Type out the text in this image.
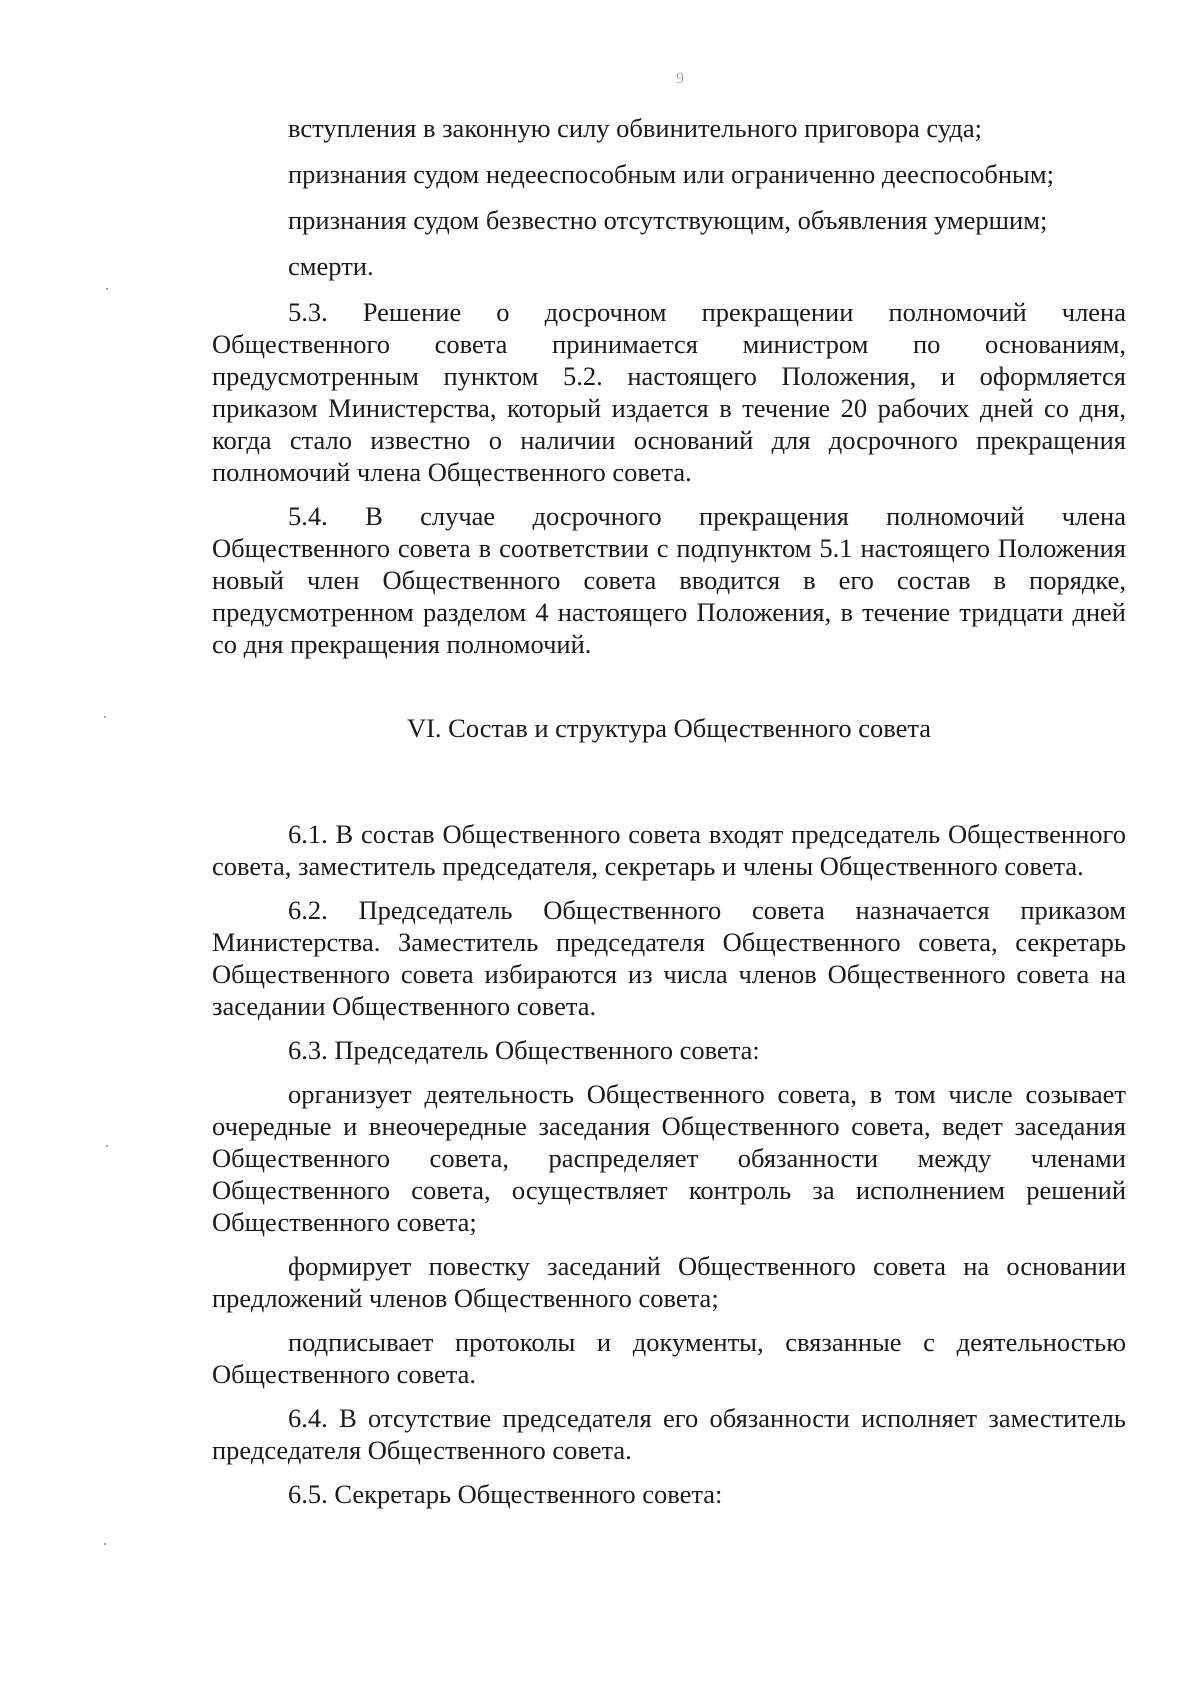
9

вступления в законную силу обвинительного приговора суда;

признания судом недееспособным или ограниченно дееспособным;

признания судом безвестно отсутствующим, объявления умершим;

смерти.

5.3. Решение о досрочном прекращении полномочий члена Общественного совета принимается министром по основаниям, предусмотренным пунктом 5.2. настоящего Положения, и оформляется приказом Министерства, который издается в течение 20 рабочих дней со дня, когда стало известно о наличии оснований для досрочного прекращения полномочий члена Общественного совета.

5.4. В случае досрочного прекращения полномочий члена Общественного совета в соответствии с подпунктом 5.1 настоящего Положения новый член Общественного совета вводится в его состав в порядке, предусмотренном разделом 4 настоящего Положения, в течение тридцати дней со дня прекращения полномочий.

VI. Состав и структура Общественного совета

6.1. В состав Общественного совета входят председатель Общественного совета, заместитель председателя, секретарь и члены Общественного совета.

6.2. Председатель Общественного совета назначается приказом Министерства. Заместитель председателя Общественного совета, секретарь Общественного совета избираются из числа членов Общественного совета на заседании Общественного совета.

6.3. Председатель Общественного совета:

организует деятельность Общественного совета, в том числе созывает очередные и внеочередные заседания Общественного совета, ведет заседания Общественного совета, распределяет обязанности между членами Общественного совета, осуществляет контроль за исполнением решений Общественного совета;

формирует повестку заседаний Общественного совета на основании предложений членов Общественного совета;

подписывает протоколы и документы, связанные с деятельностью Общественного совета.

6.4. В отсутствие председателя его обязанности исполняет заместитель председателя Общественного совета.

6.5. Секретарь Общественного совета:
